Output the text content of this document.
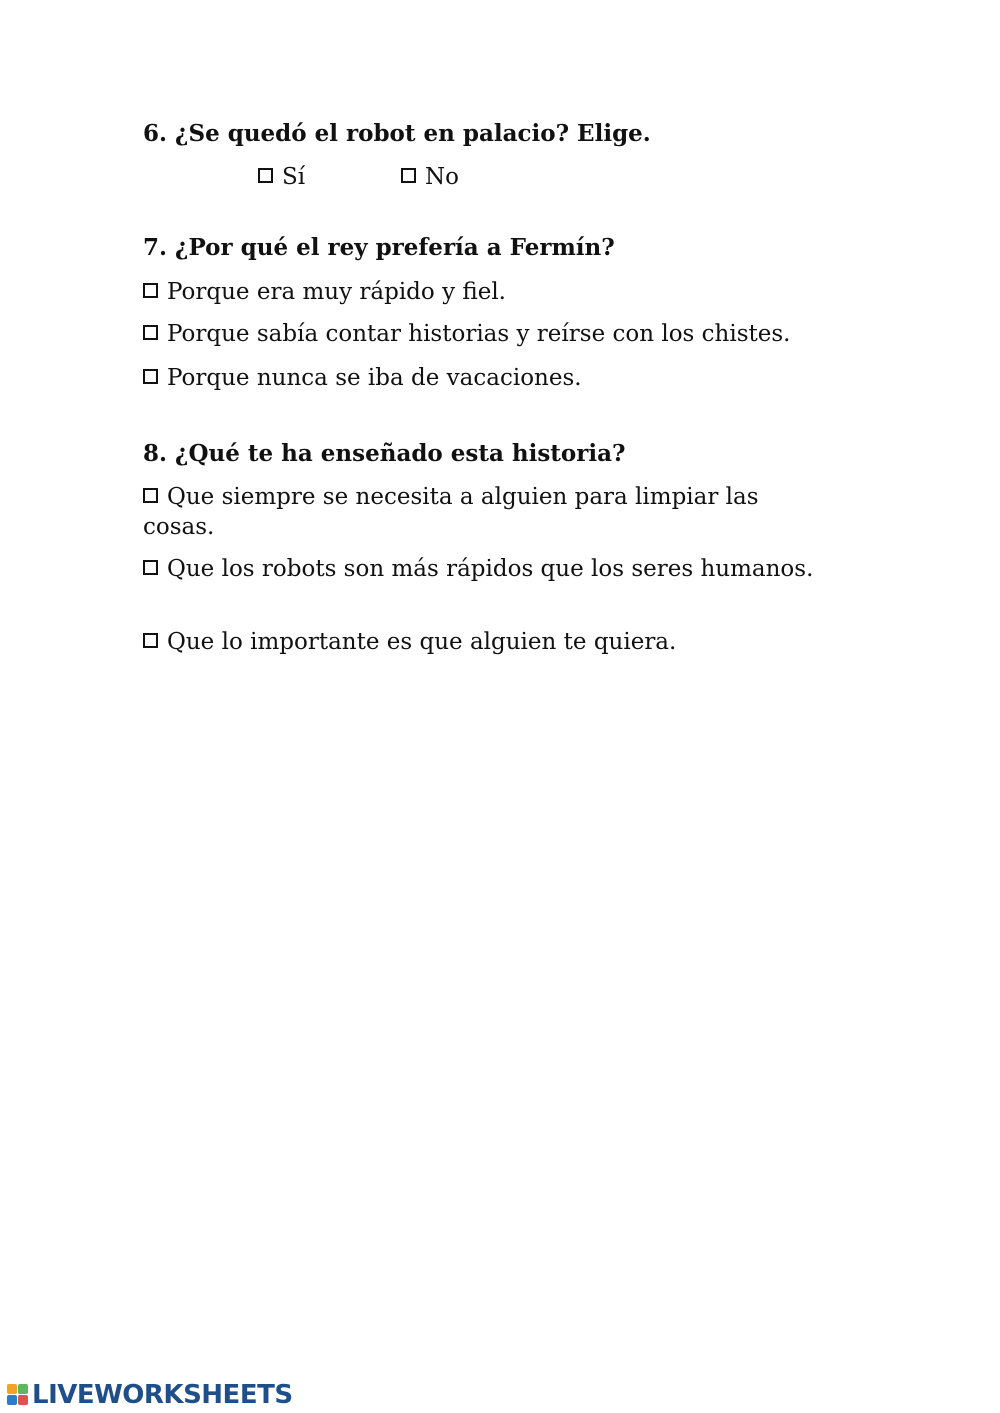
6. ¿Se quedó el robot en palacio? Elige.
Sí	No
7. ¿Por qué el rey prefería a Fermín?
Porque era muy rápido y fiel.
Porque sabía contar historias y reírse con los chistes.
Porque nunca se iba de vacaciones.
8. ¿Qué te ha enseñado esta historia?
Que siempre se necesita a alguien para limpiar las cosas.
Que los robots son más rápidos que los seres humanos.
Que lo importante es que alguien te quiera.
LIVEWORKSHEETS
